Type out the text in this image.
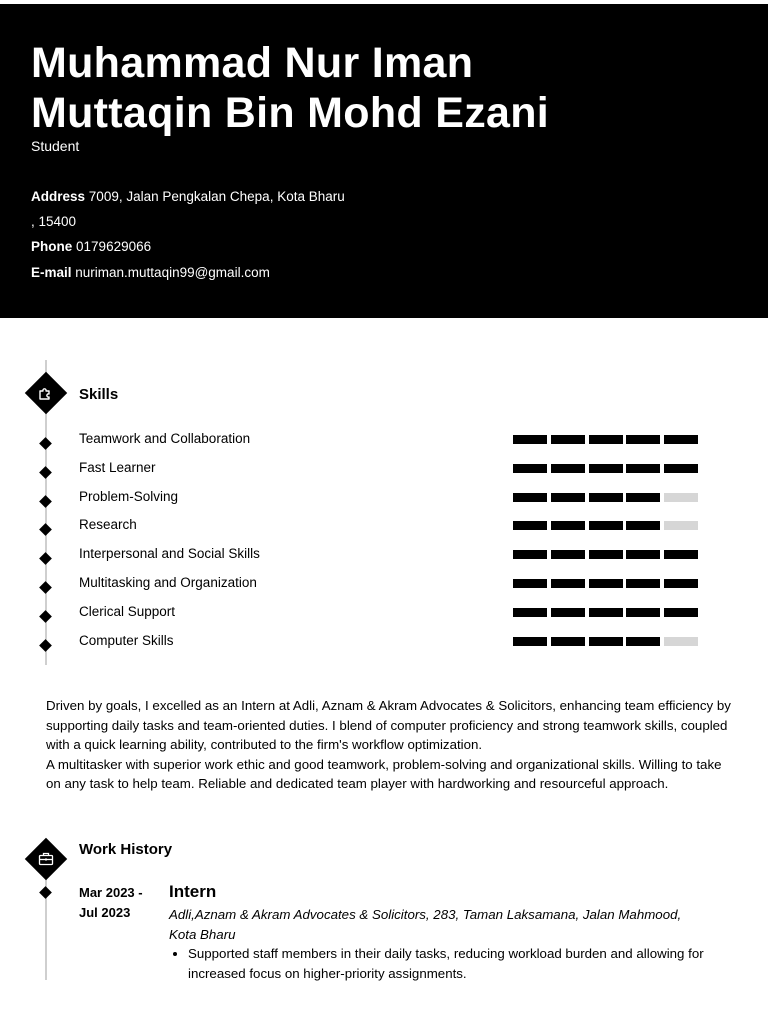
Muhammad Nur Iman
Muttaqin Bin Mohd Ezani
Student
Address 7009, Jalan Pengkalan Chepa, Kota Bharu
, 15400
Phone 0179629066
E-mail nuriman.muttaqin99@gmail.com
Skills
Teamwork and Collaboration
Fast Learner
Problem-Solving
Research
Interpersonal and Social Skills
Multitasking and Organization
Clerical Support
Computer Skills

Driven by goals, I excelled as an Intern at Adli, Aznam & Akram Advocates & Solicitors, enhancing team efficiency by supporting daily tasks and team-oriented duties. I blend of computer proficiency and strong teamwork skills, coupled with a quick learning ability, contributed to the firm's workflow optimization.

A multitasker with superior work ethic and good teamwork, problem-solving and organizational skills. Willing to take on any task to help team. Reliable and dedicated team player with hardworking and resourceful approach.

Work History
Mar 2023 -
Jul 2023
Intern
Adli,Aznam & Akram Advocates & Solicitors, 283, Taman Laksamana, Jalan Mahmood, Kota Bharu
• Supported staff members in their daily tasks, reducing workload burden and allowing for increased focus on higher-priority assignments.
